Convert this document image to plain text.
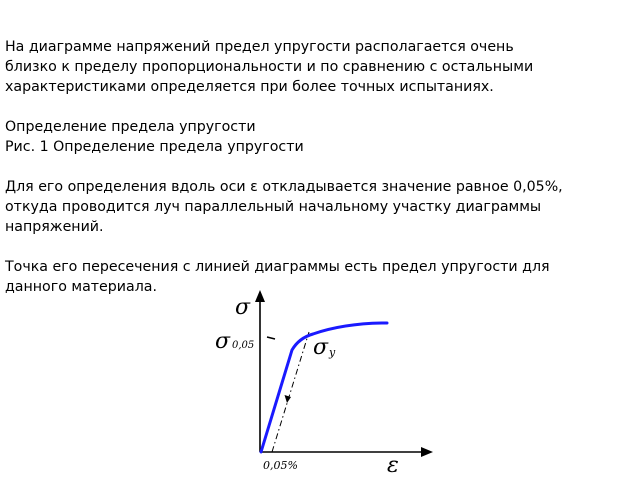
На диаграмме напряжений предел упругости располагается очень

близко к пределу пропорциональности и по сравнению с остальными

характеристиками определяется при более точных испытаниях.

Определение предела упругости

Рис. 1 Определение предела упругости

Для его определения вдоль оси ε откладывается значение равное 0,05%,

откуда проводится луч параллельный начальному участку диаграммы

напряжений.

Точка его пересечения с линией диаграммы есть предел упругости для

данного материала.

σ
σ 0,05	σ у
0,05%	ε
